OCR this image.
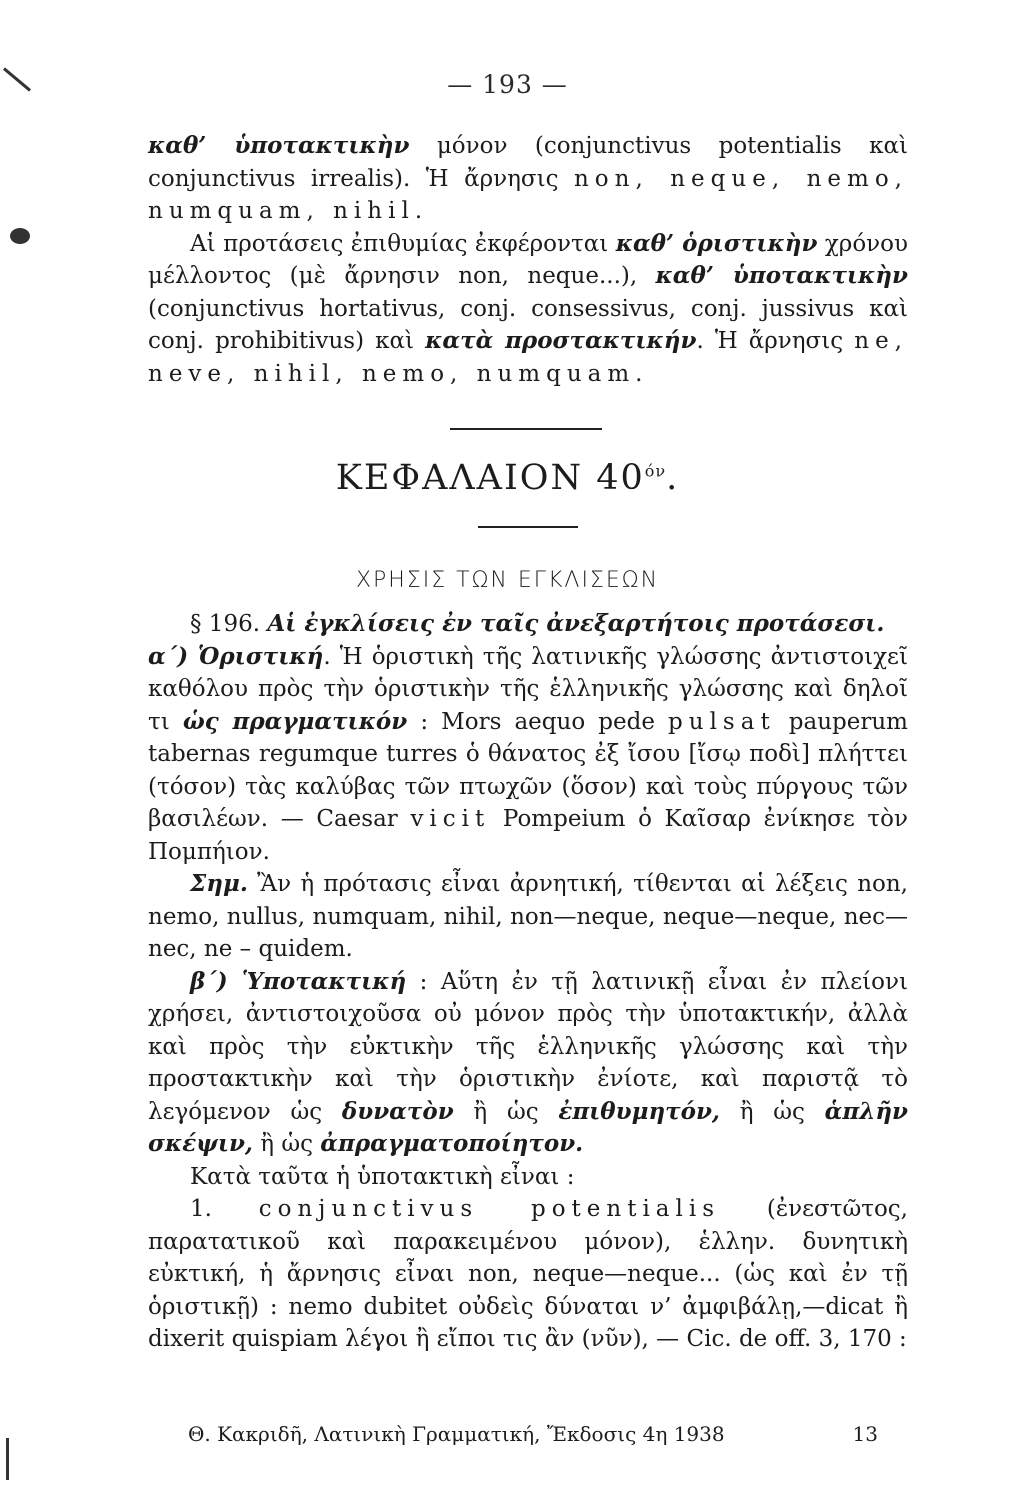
— 193 —

καθ’ ὑποτακτικὴν μόνον (conjunctivus potentialis καὶ conjunctivus irrealis). Ἡ ἄρνησις non, neque, nemo, numquam, nihil.

Αἱ προτάσεις ἐπιθυμίας ἐκφέρονται καθ’ ὁριστικὴν χρόνου μέλλοντος (μὲ ἄρνησιν non, neque...), καθ’ ὑποτακτικὴν (conjunctivus hortativus, conj. consessivus, conj. jussivus καὶ conj. prohibitivus) καὶ κατὰ προστακτικήν. Ἡ ἄρνησις ne, neve, nihil, nemo, numquam.

ΚΕΦΑΛΑΙΟΝ $40^{ό\nu}$.
ΧΡΗΣΙΣ ΤΩΝ ΕΓΚΛΙΣΕΩΝ

§ 196. Αἱ ἐγκλίσεις ἐν ταῖς ἀνεξαρτήτοις προτάσεσι.

α΄) Ὁριστική. Ἡ ὁριστικὴ τῆς λατινικῆς γλώσσης ἀντιστοιχεῖ καθόλου πρὸς τὴν ὁριστικὴν τῆς ἑλληνικῆς γλώσσης καὶ δηλοῖ τι ὡς πραγματικόν : Mors aequo pede pulsat pauperum tabernas regumque turres ὁ θάνατος ἐξ ἴσου [ἴσῳ ποδὶ] πλήττει (τόσον) τὰς καλύβας τῶν πτωχῶν (ὅσον) καὶ τοὺς πύργους τῶν βασιλέων. — Caesar vicit Pompeium ὁ Καῖσαρ ἐνίκησε τὸν Πομπήιον.

Σημ. Ἂν ἡ πρότασις εἶναι ἀρνητική, τίθενται αἱ λέξεις non, nemo, nullus, numquam, nihil, non—neque, neque—neque, nec—nec, ne – quidem.

β΄) Ὑποτακτική : Αὕτη ἐν τῇ λατινικῇ εἶναι ἐν πλείονι χρήσει, ἀντιστοιχοῦσα οὐ μόνον πρὸς τὴν ὑποτακτικήν, ἀλλὰ καὶ πρὸς τὴν εὐκτικὴν τῆς ἑλληνικῆς γλώσσης καὶ τὴν προστακτικὴν καὶ τὴν ὁριστικὴν ἐνίοτε, καὶ παριστᾷ τὸ λεγόμενον ὡς δυνατὸν ἢ ὡς ἐπιθυμητόν, ἢ ὡς ἁπλῆν σκέψιν, ἢ ὡς ἀπραγματοποίητον.

Κατὰ ταῦτα ἡ ὑποτακτικὴ εἶναι :

1. conjunctivus potentialis (ἐνεστῶτος, παρατατικοῦ καὶ παρακειμένου μόνον), ἑλλην. δυνητικὴ εὐκτική, ἡ ἄρνησις εἶναι non, neque—neque... (ὡς καὶ ἐν τῇ ὁριστικῇ) : nemo dubitet οὐδεὶς δύναται ν’ ἀμφιβάλῃ,—dicat ἢ dixerit quispiam λέγοι ἢ εἴποι τις ἂν (νῦν), — Cic. de off. 3, 170 :

Θ. Κακριδῆ, Λατινικὴ Γραμματική, Ἔκδοσις 4η 1938	13
